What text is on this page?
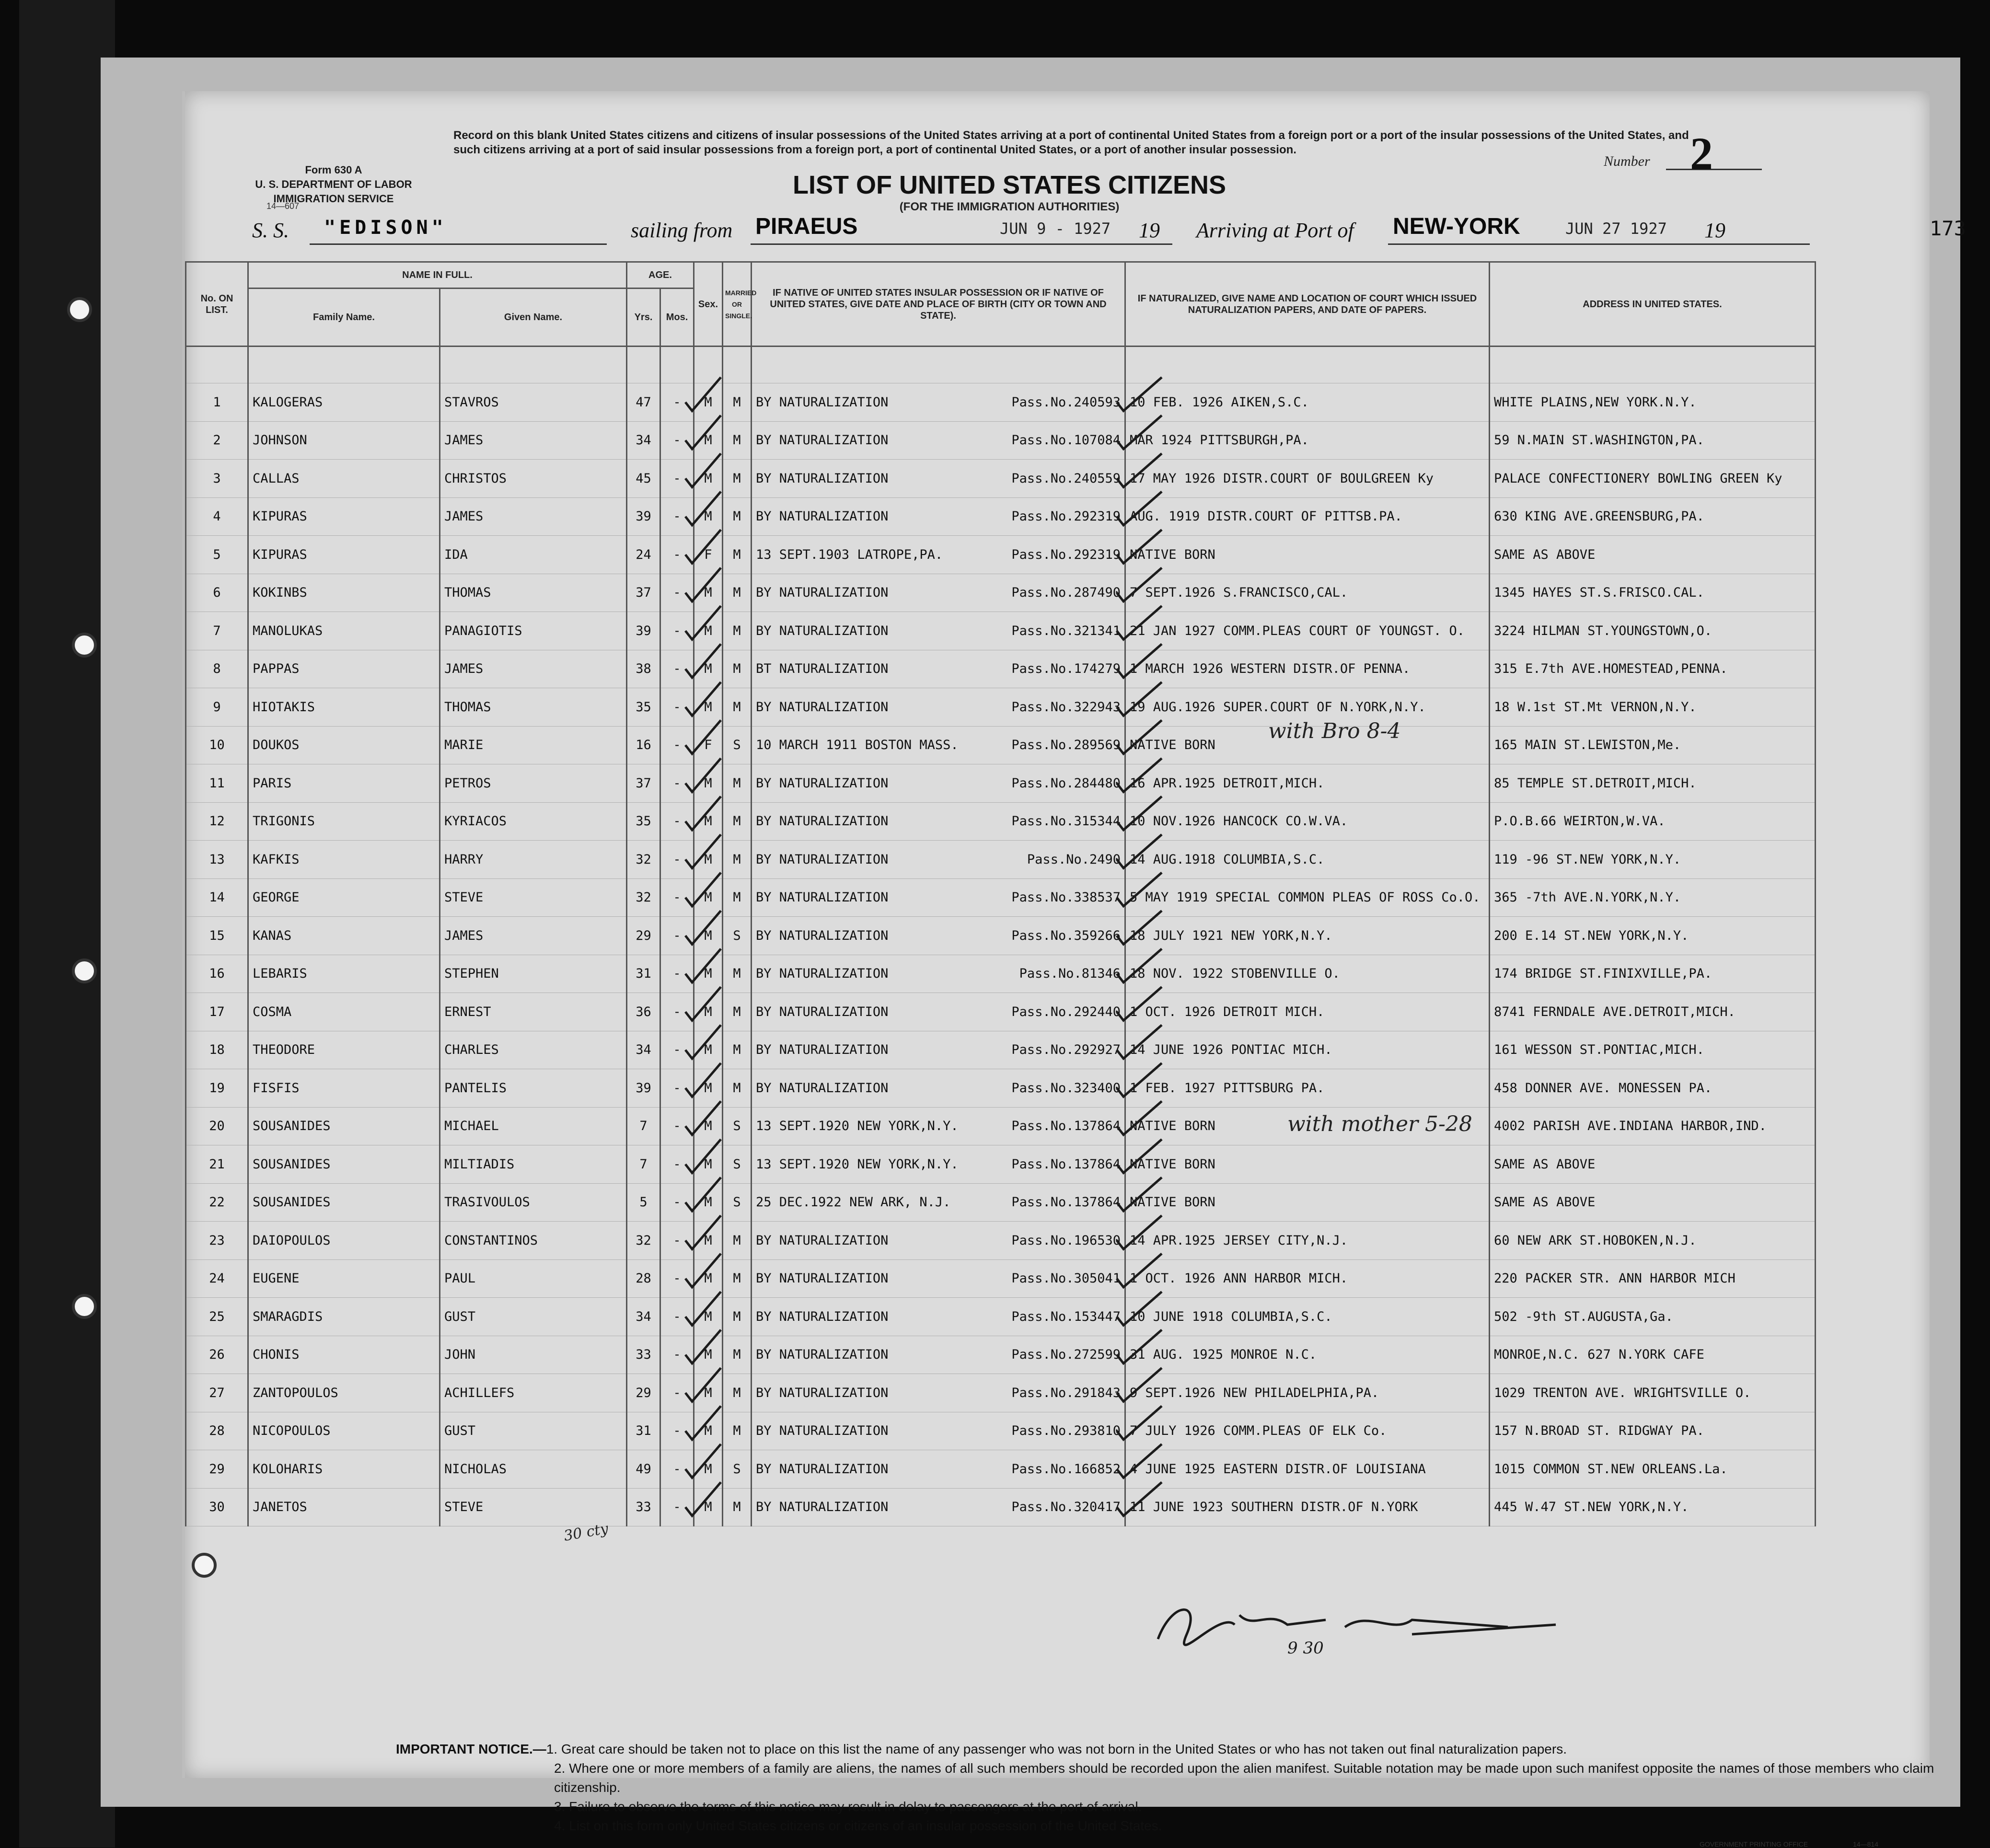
Form 630 A
U. S. DEPARTMENT OF LABOR
IMMIGRATION SERVICE
Record on this blank United States citizens and citizens of insular possessions of the United States arriving at a port of continental United States from a foreign port or a port of the insular possessions of the United States, and such citizens arriving at a port of said insular possessions from a foreign port, a port of continental United States, or a port of another insular possession.
Number 2
14—607
LIST OF UNITED STATES CITIZENS
(FOR THE IMMIGRATION AUTHORITIES)
S. S. "EDISON"	sailing from PIRAEUS	JUN 9 - 1927 19 Arriving at Port of NEW-YORK	JUN 27 1927 19	173
No. ON LIST.	NAME IN FULL.		AGE.		Sex.	MARRIED OR SINGLE.	IF NATIVE OF UNITED STATES INSULAR POSSESSION OR IF NATIVE OF UNITED STATES, GIVE DATE AND PLACE OF BIRTH (CITY OR TOWN AND STATE).	IF NATURALIZED, GIVE NAME AND LOCATION OF COURT WHICH ISSUED NATURALIZATION PAPERS, AND DATE OF PAPERS.	ADDRESS IN UNITED STATES.
	Family Name.	Given Name.	Yrs.	Mos.					

1	KALOGERAS	STAVROS	47	-	M	M	BY NATURALIZATION Pass.No.240593	10 FEB. 1926 AIKEN,S.C.	WHITE PLAINS,NEW YORK.N.Y.
2	JOHNSON	JAMES	34	-	M	M	BY NATURALIZATION Pass.No.107084	MAR 1924 PITTSBURGH,PA.	59 N.MAIN ST.WASHINGTON,PA.
3	CALLAS	CHRISTOS	45	-	M	M	BY NATURALIZATION Pass.No.240559	17 MAY 1926 DISTR.COURT OF BOULGREEN Ky	PALACE CONFECTIONERY BOWLING GREEN Ky
4	KIPURAS	JAMES	39	-	M	M	BY NATURALIZATION Pass.No.292319	AUG. 1919 DISTR.COURT OF PITTSB.PA.	630 KING AVE.GREENSBURG,PA.
5	KIPURAS	IDA	24	-	F	M	13 SEPT.1903 LATROPE,PA. Pass.No.292319	NATIVE BORN	SAME AS ABOVE
6	KOKINBS	THOMAS	37	-	M	M	BY NATURALIZATION Pass.No.287490	7 SEPT.1926 S.FRANCISCO,CAL.	1345 HAYES ST.S.FRISCO.CAL.
7	MANOLUKAS	PANAGIOTIS	39	-	M	M	BY NATURALIZATION Pass.No.321341	21 JAN 1927 COMM.PLEAS COURT OF YOUNGST. O.	3224 HILMAN ST.YOUNGSTOWN,O.
8	PAPPAS	JAMES	38	-	M	M	BT NATURALIZATION Pass.No.174279	1 MARCH 1926 WESTERN DISTR.OF PENNA.	315 E.7th AVE.HOMESTEAD,PENNA.
9	HIOTAKIS	THOMAS	35	-	M	M	BY NATURALIZATION Pass.No.322943	19 AUG.1926 SUPER.COURT OF N.YORK,N.Y.	18 W.1st ST.Mt VERNON,N.Y.
10	DOUKOS	MARIE	16	-	F	S	10 MARCH 1911 BOSTON MASS. Pass.No.289569	NATIVE BORN	165 MAIN ST.LEWISTON,Me.
11	PARIS	PETROS	37	-	M	M	BY NATURALIZATION Pass.No.284480	16 APR.1925 DETROIT,MICH.	85 TEMPLE ST.DETROIT,MICH.
12	TRIGONIS	KYRIACOS	35	-	M	M	BY NATURALIZATION Pass.No.315344	10 NOV.1926 HANCOCK CO.W.VA.	P.O.B.66 WEIRTON,W.VA.
13	KAFKIS	HARRY	32	-	M	M	BY NATURALIZATION Pass.No.2490	14 AUG.1918 COLUMBIA,S.C.	119 -96 ST.NEW YORK,N.Y.
14	GEORGE	STEVE	32	-	M	M	BY NATURALIZATION Pass.No.338537	5 MAY 1919 SPECIAL COMMON PLEAS OF ROSS Co.O.	365 -7th AVE.N.YORK,N.Y.
15	KANAS	JAMES	29	-	M	S	BY NATURALIZATION Pass.No.359266	18 JULY 1921 NEW YORK,N.Y.	200 E.14 ST.NEW YORK,N.Y.
16	LEBARIS	STEPHEN	31	-	M	M	BY NATURALIZATION Pass.No.81346	18 NOV. 1922 STOBENVILLE O.	174 BRIDGE ST.FINIXVILLE,PA.
17	COSMA	ERNEST	36	-	M	M	BY NATURALIZATION Pass.No.292440	1 OCT. 1926 DETROIT MICH.	8741 FERNDALE AVE.DETROIT,MICH.
18	THEODORE	CHARLES	34	-	M	M	BY NATURALIZATION Pass.No.292927	14 JUNE 1926 PONTIAC MICH.	161 WESSON ST.PONTIAC,MICH.
19	FISFIS	PANTELIS	39	-	M	M	BY NATURALIZATION Pass.No.323400	1 FEB. 1927 PITTSBURG PA.	458 DONNER AVE. MONESSEN PA.
20	SOUSANIDES	MICHAEL	7	-	M	S	13 SEPT.1920 NEW YORK,N.Y. Pass.No.137864	NATIVE BORN	4002 PARISH AVE.INDIANA HARBOR,IND.
21	SOUSANIDES	MILTIADIS	7	-	M	S	13 SEPT.1920 NEW YORK,N.Y. Pass.No.137864	NATIVE BORN	SAME AS ABOVE
22	SOUSANIDES	TRASIVOULOS	5	-	M	S	25 DEC.1922 NEW ARK, N.J. Pass.No.137864	NATIVE BORN	SAME AS ABOVE
23	DAIOPOULOS	CONSTANTINOS	32	-	M	M	BY NATURALIZATION Pass.No.196530	14 APR.1925 JERSEY CITY,N.J.	60 NEW ARK ST.HOBOKEN,N.J.
24	EUGENE	PAUL	28	-	M	M	BY NATURALIZATION Pass.No.305041	1 OCT. 1926 ANN HARBOR MICH.	220 PACKER STR. ANN HARBOR MICH
25	SMARAGDIS	GUST	34	-	M	M	BY NATURALIZATION Pass.No.153447	10 JUNE 1918 COLUMBIA,S.C.	502 -9th ST.AUGUSTA,Ga.
26	CHONIS	JOHN	33	-	M	M	BY NATURALIZATION Pass.No.272599	31 AUG. 1925 MONROE N.C.	MONROE,N.C. 627 N.YORK CAFE
27	ZANTOPOULOS	ACHILLEFS	29	-	M	M	BY NATURALIZATION Pass.No.291843	9 SEPT.1926 NEW PHILADELPHIA,PA.	1029 TRENTON AVE. WRIGHTSVILLE O.
28	NICOPOULOS	GUST	31	-	M	M	BY NATURALIZATION Pass.No.293810	7 JULY 1926 COMM.PLEAS OF ELK Co.	157 N.BROAD ST. RIDGWAY PA.
29	KOLOHARIS	NICHOLAS	49	-	M	S	BY NATURALIZATION Pass.No.166852	4 JUNE 1925 EASTERN DISTR.OF LOUISIANA	1015 COMMON ST.NEW ORLEANS.La.
30	JANETOS	STEVE	33	-	M	M	BY NATURALIZATION Pass.No.320417	11 JUNE 1923 SOUTHERN DISTR.OF N.YORK	445 W.47 ST.NEW YORK,N.Y.
with Bro 8-4
with mother 5-28
30 cty
9 30
IMPORTANT NOTICE.—1. Great care should be taken not to place on this list the name of any passenger who was not born in the United States or who has not taken out final naturalization papers.
2. Where one or more members of a family are aliens, the names of all such members should be recorded upon the alien manifest. Suitable notation may be made upon such manifest opposite the names of those members who claim citizenship.
3. Failure to observe the terms of this notice may result in delay to passengers at the port of arrival.
4. List on this form only United States citizens or citizens of an insular possession of the United States.
GOVERNMENT PRINTING OFFICE	14—814
